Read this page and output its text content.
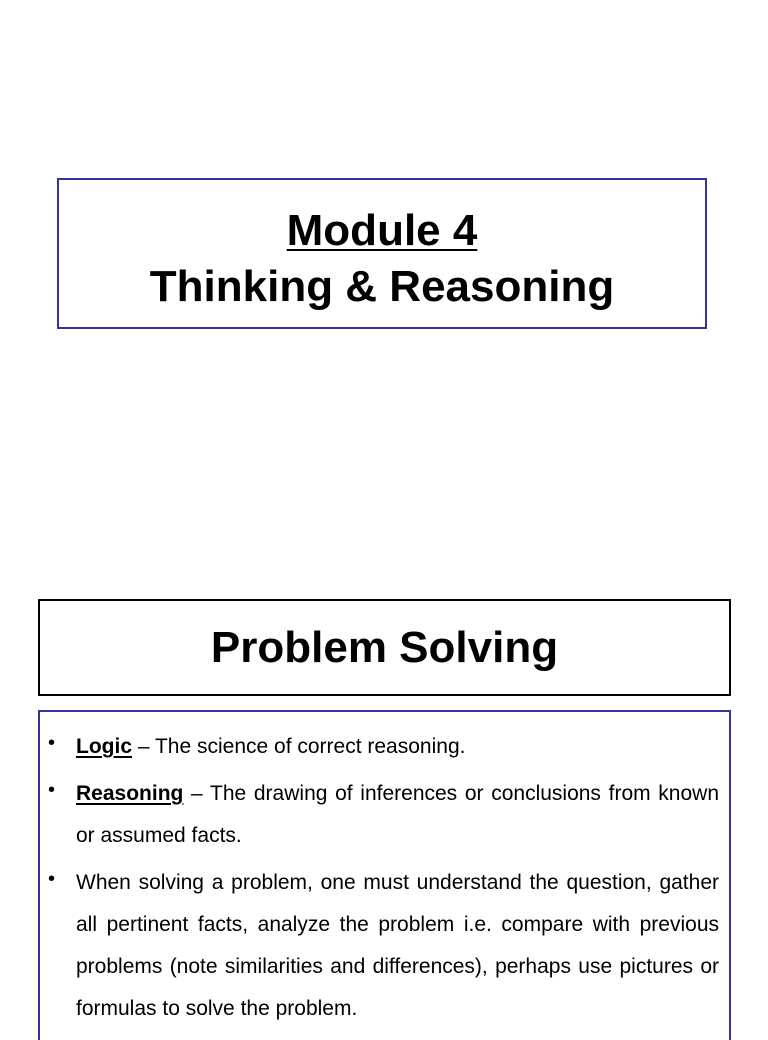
Module 4
Thinking & Reasoning
Problem Solving
• Logic – The science of correct reasoning.
• Reasoning – The drawing of inferences or conclusions from known or assumed facts.
• When solving a problem, one must understand the question, gather all pertinent facts, analyze the problem i.e. compare with previous problems (note similarities and differences), perhaps use pictures or formulas to solve the problem.
